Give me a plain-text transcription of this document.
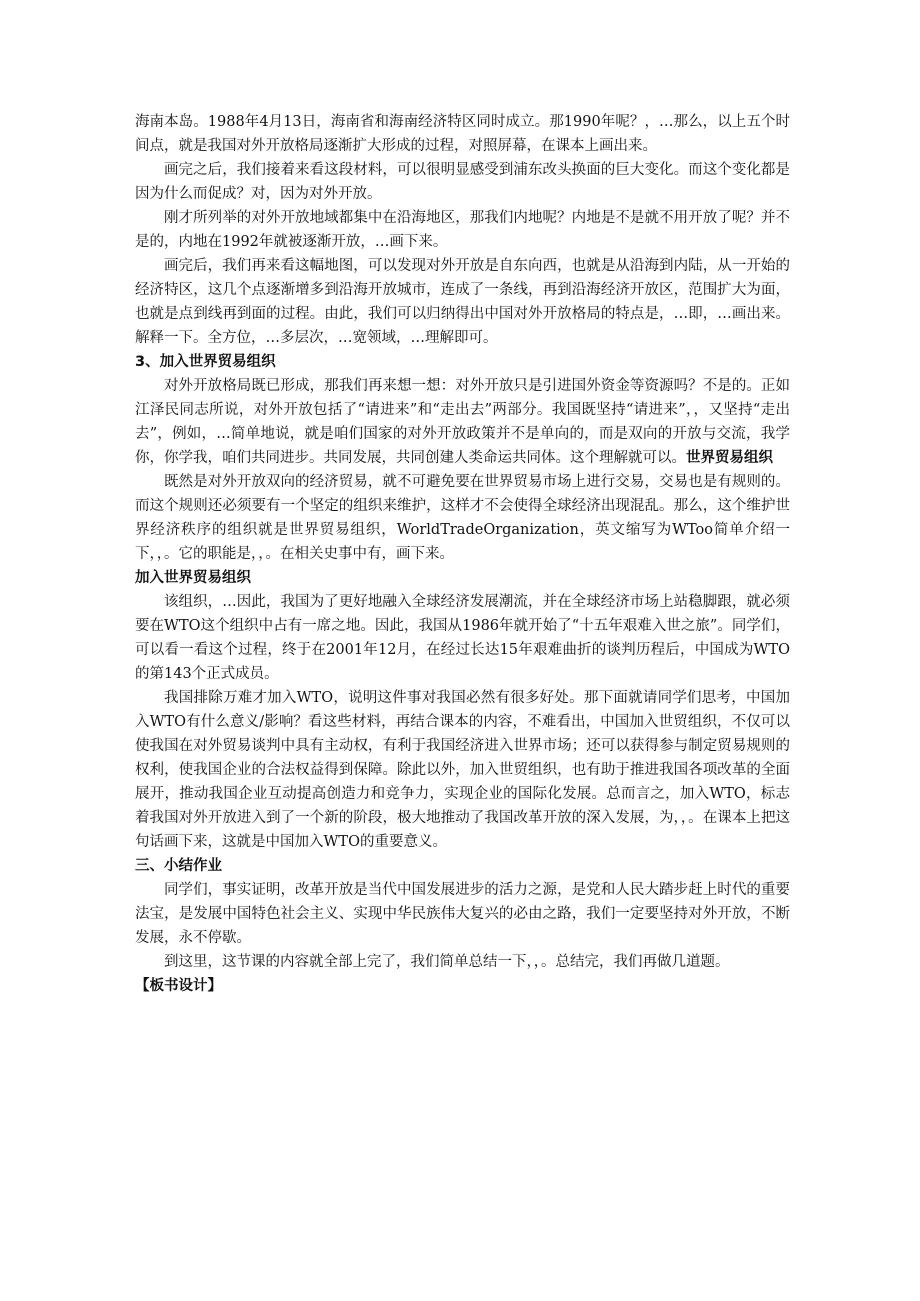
海南本岛。1988年4月13日，海南省和海南经济特区同时成立。那1990年呢？，…那么，以上五个时间点，就是我国对外开放格局逐渐扩大形成的过程，对照屏幕，在课本上画出来。

画完之后，我们接着来看这段材料，可以很明显感受到浦东改头换面的巨大变化。而这个变化都是因为什么而促成？对，因为对外开放。

刚才所列举的对外开放地域都集中在沿海地区，那我们内地呢？内地是不是就不用开放了呢？并不是的，内地在1992年就被逐渐开放，…画下来。

画完后，我们再来看这幅地图，可以发现对外开放是自东向西，也就是从沿海到内陆，从一开始的经济特区，这几个点逐渐增多到沿海开放城市，连成了一条线，再到沿海经济开放区，范围扩大为面，也就是点到线再到面的过程。由此，我们可以归纳得出中国对外开放格局的特点是，…即，…画出来。解释一下。全方位，…多层次，…宽领域，…理解即可。

3、加入世界贸易组织

对外开放格局既已形成，那我们再来想一想：对外开放只是引进国外资金等资源吗？不是的。正如江泽民同志所说，对外开放包括了“请进来”和“走出去”两部分。我国既坚持“请进来”，，又坚持“走出去”，例如，…简单地说，就是咱们国家的对外开放政策并不是单向的，而是双向的开放与交流，我学你，你学我，咱们共同进步。共同发展，共同创建人类命运共同体。这个理解就可以。世界贸易组织

既然是对外开放双向的经济贸易，就不可避免要在世界贸易市场上进行交易，交易也是有规则的。而这个规则还必须要有一个坚定的组织来维护，这样才不会使得全球经济出现混乱。那么，这个维护世界经济秩序的组织就是世界贸易组织，WorldTradeOrganization，英文缩写为WToo简单介绍一下，，。它的职能是，，。在相关史事中有，画下来。

加入世界贸易组织

该组织，…因此，我国为了更好地融入全球经济发展潮流，并在全球经济市场上站稳脚跟，就必须要在WTO这个组织中占有一席之地。因此，我国从1986年就开始了“十五年艰难入世之旅”。同学们，可以看一看这个过程，终于在2001年12月，在经过长达15年艰难曲折的谈判历程后，中国成为WTO的第143个正式成员。

我国排除万难才加入WTO，说明这件事对我国必然有很多好处。那下面就请同学们思考，中国加入WTO有什么意义/影响？看这些材料，再结合课本的内容，不难看出，中国加入世贸组织，不仅可以使我国在对外贸易谈判中具有主动权，有利于我国经济进入世界市场；还可以获得参与制定贸易规则的权利，使我国企业的合法权益得到保障。除此以外，加入世贸组织，也有助于推进我国各项改革的全面展开，推动我国企业互动提高创造力和竞争力，实现企业的国际化发展。总而言之，加入WTO，标志着我国对外开放进入到了一个新的阶段，极大地推动了我国改革开放的深入发展，为，，。在课本上把这句话画下来，这就是中国加入WTO的重要意义。

三、小结作业

同学们，事实证明，改革开放是当代中国发展进步的活力之源，是党和人民大踏步赶上时代的重要法宝，是发展中国特色社会主义、实现中华民族伟大复兴的必由之路，我们一定要坚持对外开放，不断发展，永不停歇。

到这里，这节课的内容就全部上完了，我们简单总结一下，，。总结完，我们再做几道题。

【板书设计】
